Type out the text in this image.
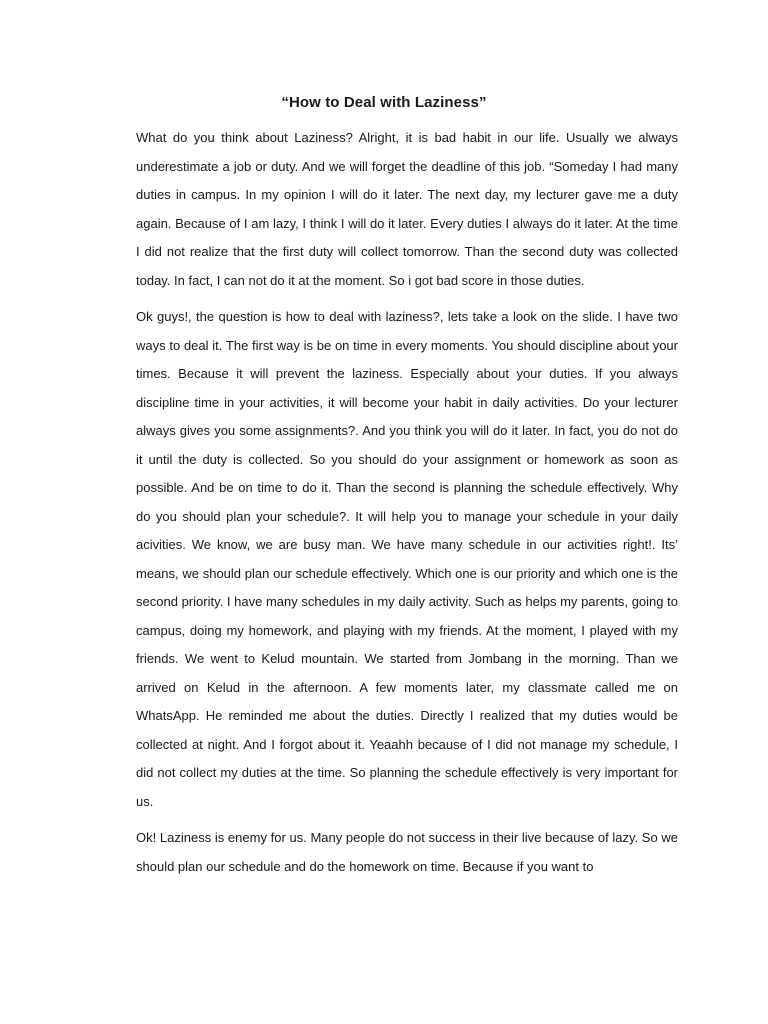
“How to Deal with Laziness”

What do you think about Laziness? Alright, it is bad habit in our life. Usually we always underestimate a job or duty. And we will forget the deadline of this job. “Someday I had many duties in campus. In my opinion I will do it later. The next day, my lecturer gave me a duty again. Because of I am lazy, I think I will do it later. Every duties I always do it later. At the time I did not realize that the first duty will collect tomorrow. Than the second duty was collected today. In fact, I can not do it at the moment. So i got bad score in those duties.

Ok guys!, the question is how to deal with laziness?, lets take a look on the slide. I have two ways to deal it. The first way is be on time in every moments. You should discipline about your times. Because it will prevent the laziness. Especially about your duties. If you always discipline time in your activities, it will become your habit in daily activities. Do your lecturer always gives you some assignments?. And you think you will do it later. In fact, you do not do it until the duty is collected. So you should do your assignment or homework as soon as possible. And be on time to do it. Than the second is planning the schedule effectively. Why do you should plan your schedule?. It will help you to manage your schedule in your daily acivities. We know, we are busy man. We have many schedule in our activities right!. Its’ means, we should plan our schedule effectively. Which one is our priority and which one is the second priority. I have many schedules in my daily activity. Such as helps my parents, going to campus, doing my homework, and playing with my friends. At the moment, I played with my friends. We went to Kelud mountain. We started from Jombang in the morning. Than we arrived on Kelud in the afternoon. A few moments later, my classmate called me on WhatsApp. He reminded me about the duties. Directly I realized that my duties would be collected at night. And I forgot about it. Yeaahh because of I did not manage my schedule, I did not collect my duties at the time. So planning the schedule effectively is very important for us.

Ok! Laziness is enemy for us. Many people do not success in their live because of lazy. So we should plan our schedule and do the homework on time. Because if you want to
